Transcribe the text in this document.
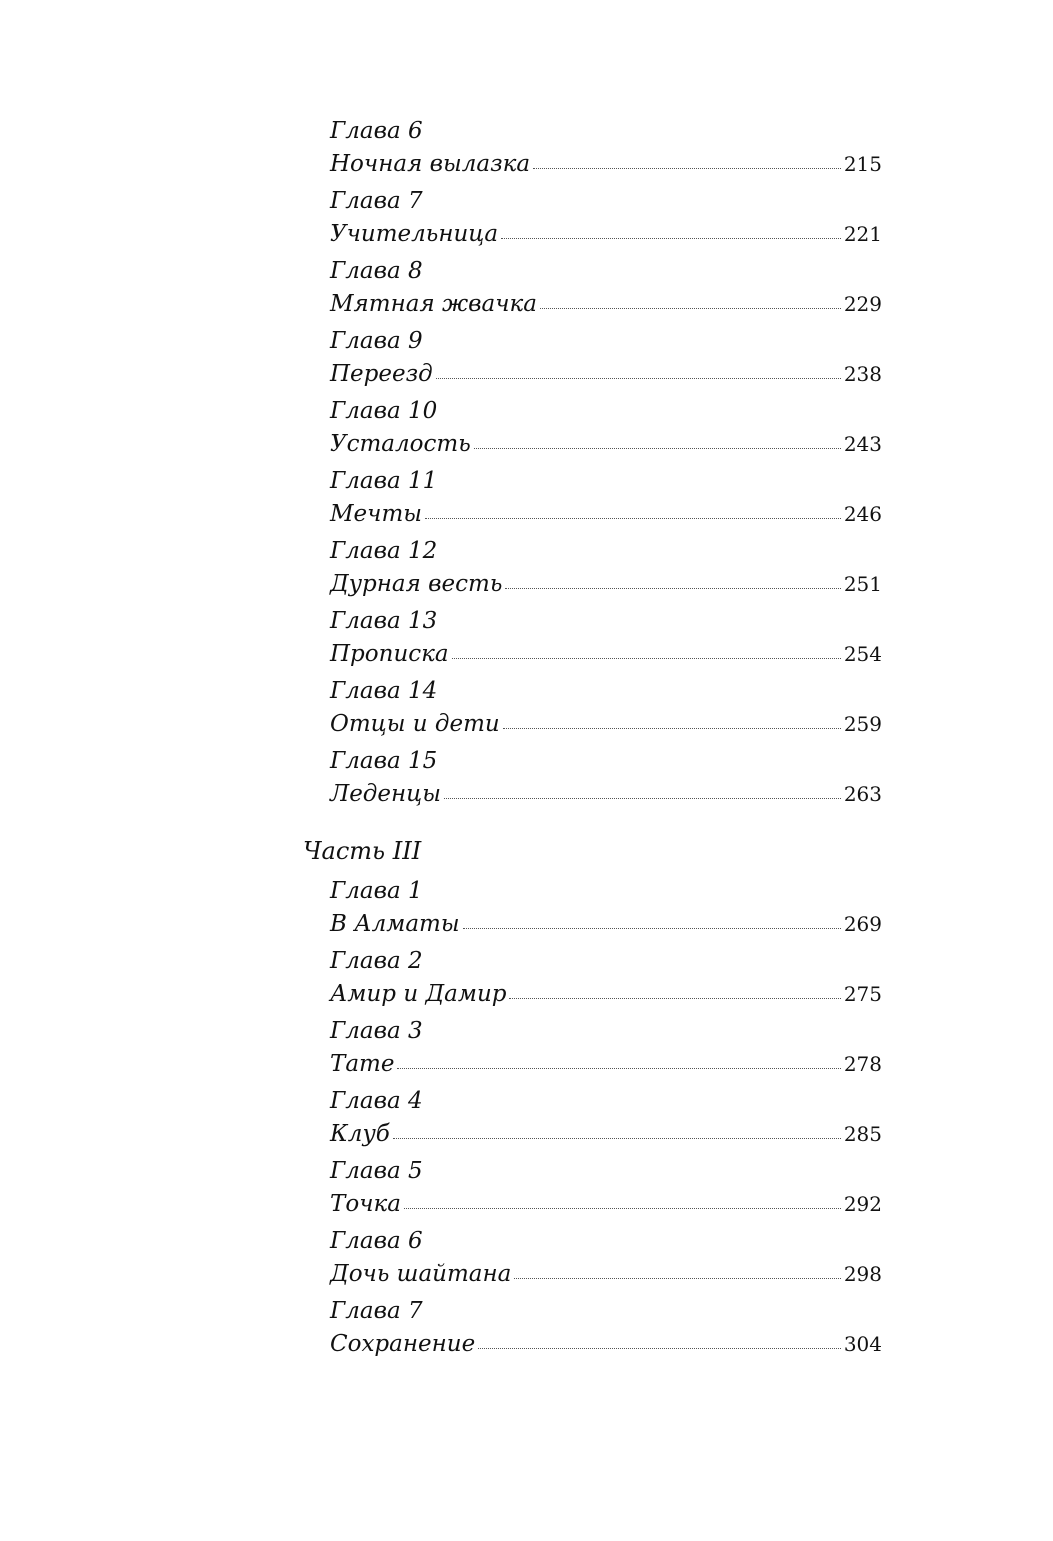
Глава 6
Ночная вылазка	215
Глава 7
Учительница	221
Глава 8
Мятная жвачка	229
Глава 9
Переезд	238
Глава 10
Усталость	243
Глава 11
Мечты	246
Глава 12
Дурная весть	251
Глава 13
Прописка	254
Глава 14
Отцы и дети	259
Глава 15
Леденцы	263
Часть III
Глава 1
В Алматы	269
Глава 2
Амир и Дамир	275
Глава 3
Тате	278
Глава 4
Клуб	285
Глава 5
Точка	292
Глава 6
Дочь шайтана	298
Глава 7
Сохранение	304
